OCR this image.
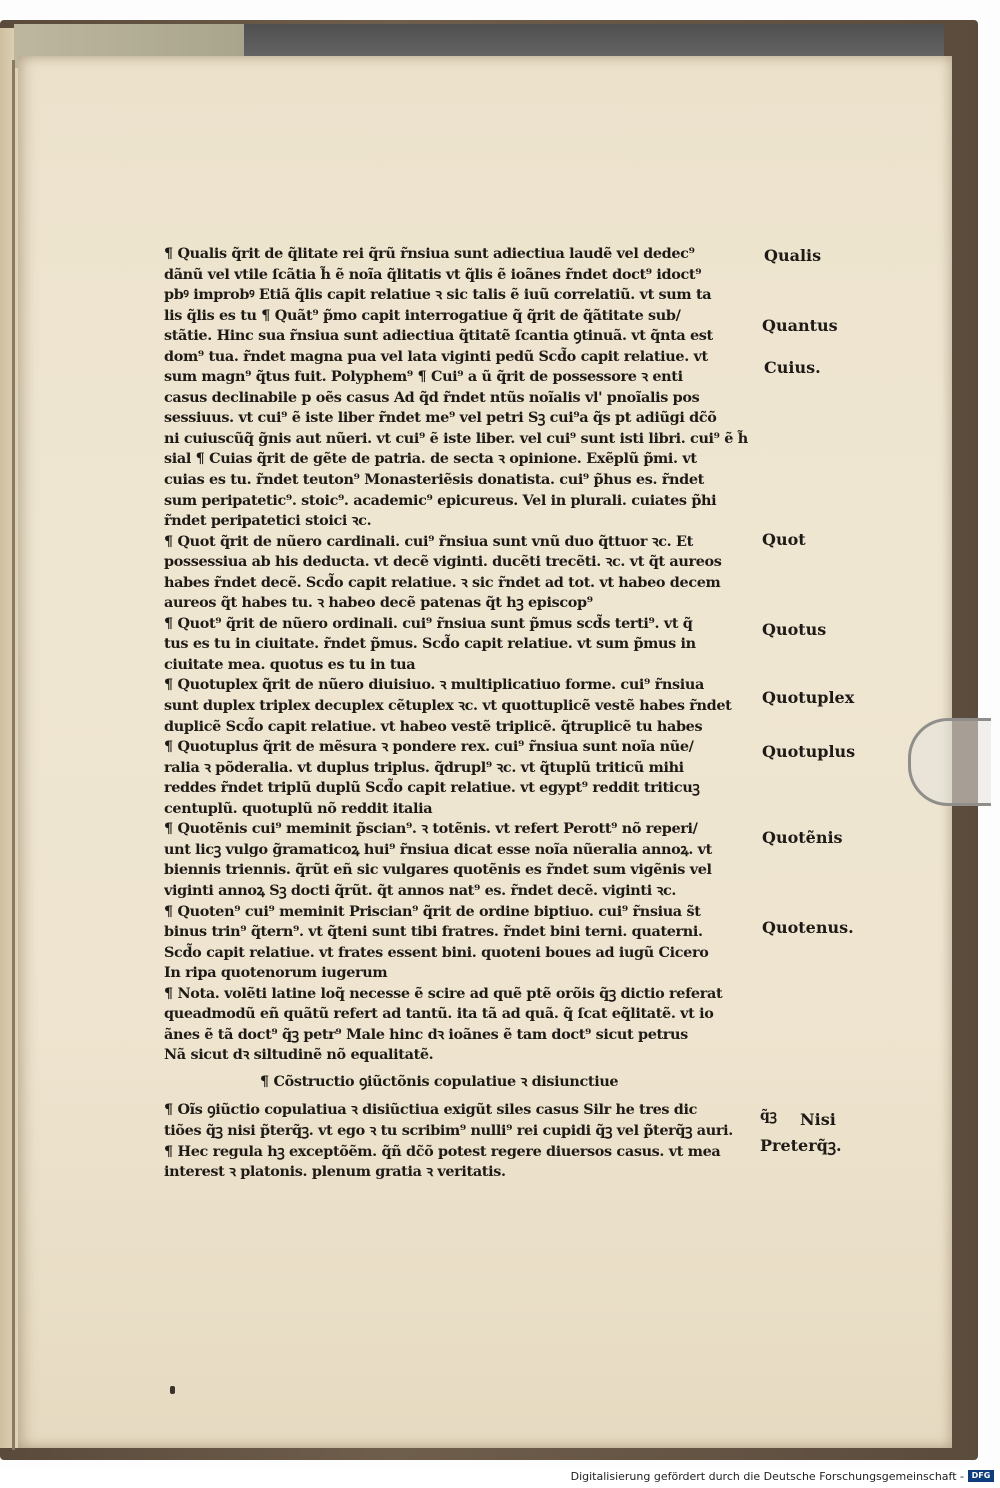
¶ Qualis q̃rit de q̃litate rei q̃rũ r̃nsiua sunt adiectiua laudẽ vel dedec⁹
dãnũ vel vtile ſcãtia h̃ ẽ noĩa q̃litatis vt q̃lis ẽ ioãnes r̃ndet doct⁹ idoct⁹
pbꝰ improbꝰ Etiã q̃lis capit relatiue ꝛ sic talis ẽ iuũ correlatiũ. vt sum ta
lis q̃lis es tu ¶ Quãt⁹ p̃mo capit interrogatiue q̃ q̃rit de q̃ãtitate sub/
stãtie. Hinc sua r̃nsiua sunt adiectiua q̃titatẽ ſcantia ꝯtinuã. vt q̃nta est
dom⁹ tua. r̃ndet magna pua vel lata viginti pedũ Scd̃o capit relatiue. vt
sum magn⁹ q̃tus fuit. Polyphem⁹ ¶ Cui⁹ a ũ q̃rit de possessore ꝛ enti
casus declinabile p oẽs casus Ad q̃d r̃ndet ntũs noĩalis vl' pnoĩalis pos
sessiuus. vt cui⁹ ẽ iste liber r̃ndet me⁹ vel petri Sꝫ cui⁹a q̃s pt adiũgi dc̃õ
ni cuiuscũq̃ g̃nis aut nũeri. vt cui⁹ ẽ iste liber. vel cui⁹ sunt isti libri. cui⁹ ẽ h̃
sial ¶ Cuias q̃rit de gẽte de patria. de secta ꝛ opinione. Exẽplũ p̃mi. vt
cuias es tu. r̃ndet teuton⁹ Monasteriẽsis donatista. cui⁹ p̃hus es. r̃ndet
sum peripatetic⁹. stoic⁹. academic⁹ epicureus. Vel in plurali. cuiates p̃hi
r̃ndet peripatetici stoici ꝛc.
¶ Quot q̃rit de nũero cardinali. cui⁹ r̃nsiua sunt vnũ duo q̃ttuor ꝛc. Et
possessiua ab his deducta. vt decẽ viginti. ducẽti trecẽti. ꝛc. vt q̃t aureos
habes r̃ndet decẽ. Scd̃o capit relatiue. ꝛ sic r̃ndet ad tot. vt habeo decem
aureos q̃t habes tu. ꝛ habeo decẽ patenas q̃t hꝫ episcop⁹
¶ Quot⁹ q̃rit de nũero ordinali. cui⁹ r̃nsiua sunt p̃mus scd̃s terti⁹. vt q̃
tus es tu in ciuitate. r̃ndet p̃mus. Scd̃o capit relatiue. vt sum p̃mus in
ciuitate mea. quotus es tu in tua
¶ Quotuplex q̃rit de nũero diuisiuo. ꝛ multiplicatiuo forme. cui⁹ r̃nsiua
sunt duplex triplex decuplex cẽtuplex ꝛc. vt quottuplicẽ vestẽ habes r̃ndet
duplicẽ Scd̃o capit relatiue. vt habeo vestẽ triplicẽ. q̃truplicẽ tu habes
¶ Quotuplus q̃rit de mẽsura ꝛ pondere rex. cui⁹ r̃nsiua sunt noĩa nũe/
ralia ꝛ põderalia. vt duplus triplus. q̃drupl⁹ ꝛc. vt q̃tuplũ triticũ mihi
reddes r̃ndet triplũ duplũ Scd̃o capit relatiue. vt egypt⁹ reddit triticuꝫ
centuplũ. quotuplũ nõ reddit italia
¶ Quotẽnis cui⁹ meminit p̃scian⁹. ꝛ totẽnis. vt refert Perott⁹ nõ reperi/
unt licꝫ vulgo g̃ramaticoꝝ hui⁹ r̃nsiua dicat esse noĩa nũeralia annoꝝ. vt
biennis triennis. q̃rũt eñ sic vulgares quotẽnis es r̃ndet sum vigẽnis vel
viginti annoꝝ Sꝫ docti q̃rũt. q̃t annos nat⁹ es. r̃ndet decẽ. viginti ꝛc.
¶ Quoten⁹ cui⁹ meminit Priscian⁹ q̃rit de ordine biptiuo. cui⁹ r̃nsiua s̃t
binus trin⁹ q̃tern⁹. vt q̃teni sunt tibi fratres. r̃ndet bini terni. quaterni.
Scd̃o capit relatiue. vt frates essent bini. quoteni boues ad iugũ Cicero
In ripa quotenorum iugerum
¶ Nota. volẽti latine loq̃ necesse ẽ scire ad quẽ ptẽ orõis q̃ꝫ dictio referat
queadmodũ eñ quãtũ refert ad tantũ. ita tã ad quã. q̃ ſcat eq̃litatẽ. vt io
ãnes ẽ tã doct⁹ q̃ꝫ petr⁹ Male hinc dꝛ ioãnes ẽ tam doct⁹ sicut petrus
Nã sicut dꝛ siltudinẽ nõ equalitatẽ.
¶ Cõstructio ꝯiũctõnis copulatiue ꝛ disiunctiue
¶ Oĩs ꝯiũctio copulatiua ꝛ disiũctiua exigũt siles casus Silr he tres dic
tiões q̃ꝫ nisi p̃terq̃ꝫ. vt ego ꝛ tu scribim⁹ nulli⁹ rei cupidi q̃ꝫ vel p̃terq̃ꝫ auri.
¶ Hec regula hꝫ exceptõẽm. q̃ñ dc̃õ potest regere diuersos casus. vt mea
interest ꝛ platonis. plenum gratia ꝛ veritatis.
Qualis
Quantus
Cuius.
Quot
Quotus
Quotuplex
Quotuplus
Quotẽnis
Quotenus.
q̃ꝫ Nisi
Preterq̃ꝫ.
Digitalisierung gefördert durch die Deutsche Forschungsgemeinschaft - DFG
